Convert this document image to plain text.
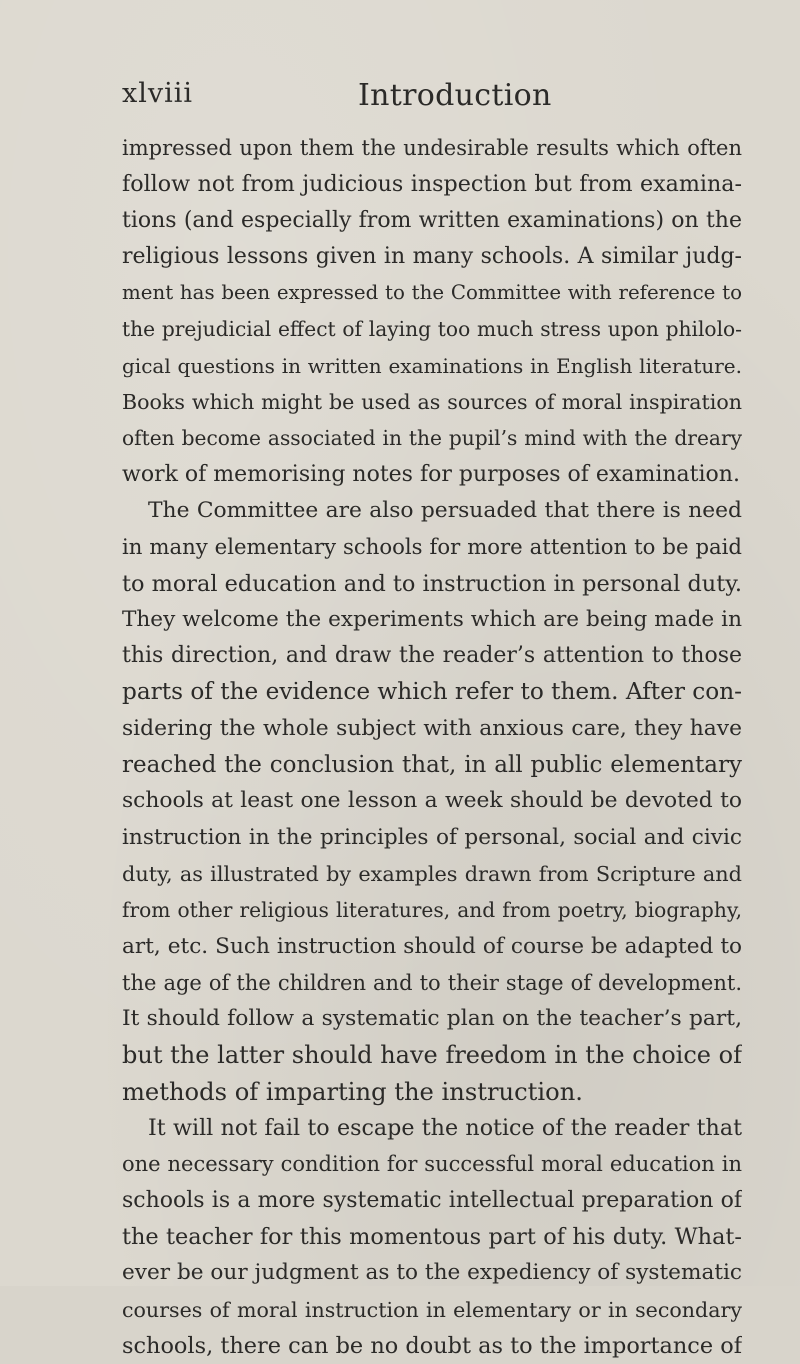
xlviii	Introduction
impressed upon them the undesirable results which often
follow not from judicious inspection but from examina-
tions (and especially from written examinations) on the
religious lessons given in many schools. A similar judg-
ment has been expressed to the Committee with reference to
the prejudicial effect of laying too much stress upon philolo-
gical questions in written examinations in English literature.
Books which might be used as sources of moral inspiration
often become associated in the pupil’s mind with the dreary
work of memorising notes for purposes of examination.
The Committee are also persuaded that there is need
in many elementary schools for more attention to be paid
to moral education and to instruction in personal duty.
They welcome the experiments which are being made in
this direction, and draw the reader’s attention to those
parts of the evidence which refer to them. After con-
sidering the whole subject with anxious care, they have
reached the conclusion that, in all public elementary
schools at least one lesson a week should be devoted to
instruction in the principles of personal, social and civic
duty, as illustrated by examples drawn from Scripture and
from other religious literatures, and from poetry, biography,
art, etc. Such instruction should of course be adapted to
the age of the children and to their stage of development.
It should follow a systematic plan on the teacher’s part,
but the latter should have freedom in the choice of
methods of imparting the instruction.
It will not fail to escape the notice of the reader that
one necessary condition for successful moral education in
schools is a more systematic intellectual preparation of
the teacher for this momentous part of his duty. What-
ever be our judgment as to the expediency of systematic
courses of moral instruction in elementary or in secondary
schools, there can be no doubt as to the importance of
